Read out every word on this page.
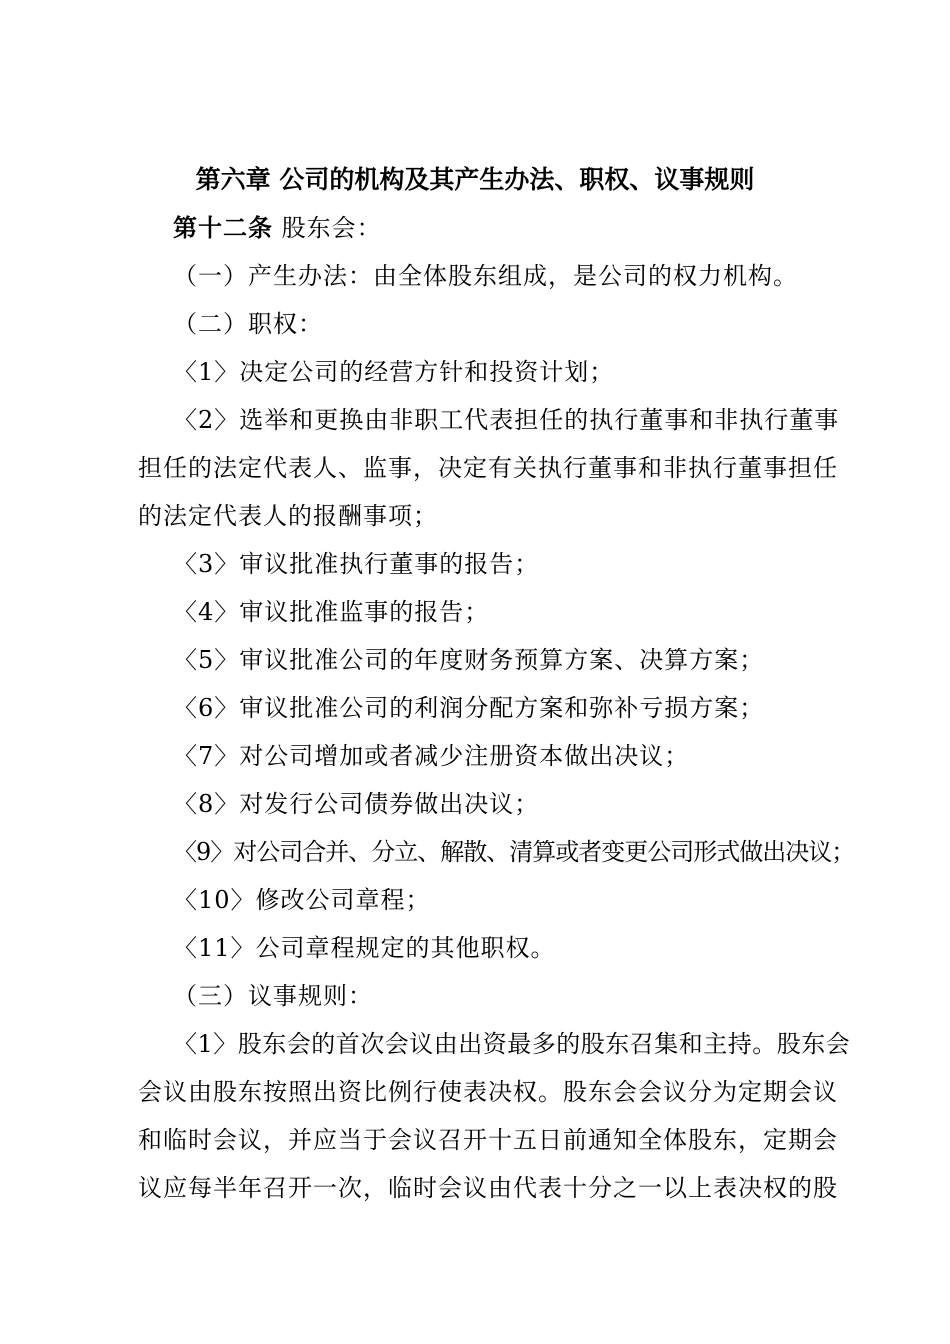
第六章 公司的机构及其产生办法、职权、议事规则
第十二条 股东会：
（一）产生办法：由全体股东组成，是公司的权力机构。
（二）职权：
〈1〉决定公司的经营方针和投资计划；
〈2〉选举和更换由非职工代表担任的执行董事和非执行董事
担任的法定代表人、监事，决定有关执行董事和非执行董事担任
的法定代表人的报酬事项；
〈3〉审议批准执行董事的报告；
〈4〉审议批准监事的报告；
〈5〉审议批准公司的年度财务预算方案、决算方案；
〈6〉审议批准公司的利润分配方案和弥补亏损方案；
〈7〉对公司增加或者减少注册资本做出决议；
〈8〉对发行公司债券做出决议；
〈9〉对公司合并、分立、解散、清算或者变更公司形式做出决议；
〈10〉修改公司章程；
〈11〉公司章程规定的其他职权。
（三）议事规则：
〈1〉股东会的首次会议由出资最多的股东召集和主持。股东会
会议由股东按照出资比例行使表决权。股东会会议分为定期会议
和临时会议，并应当于会议召开十五日前通知全体股东，定期会
议应每半年召开一次，临时会议由代表十分之一以上表决权的股
